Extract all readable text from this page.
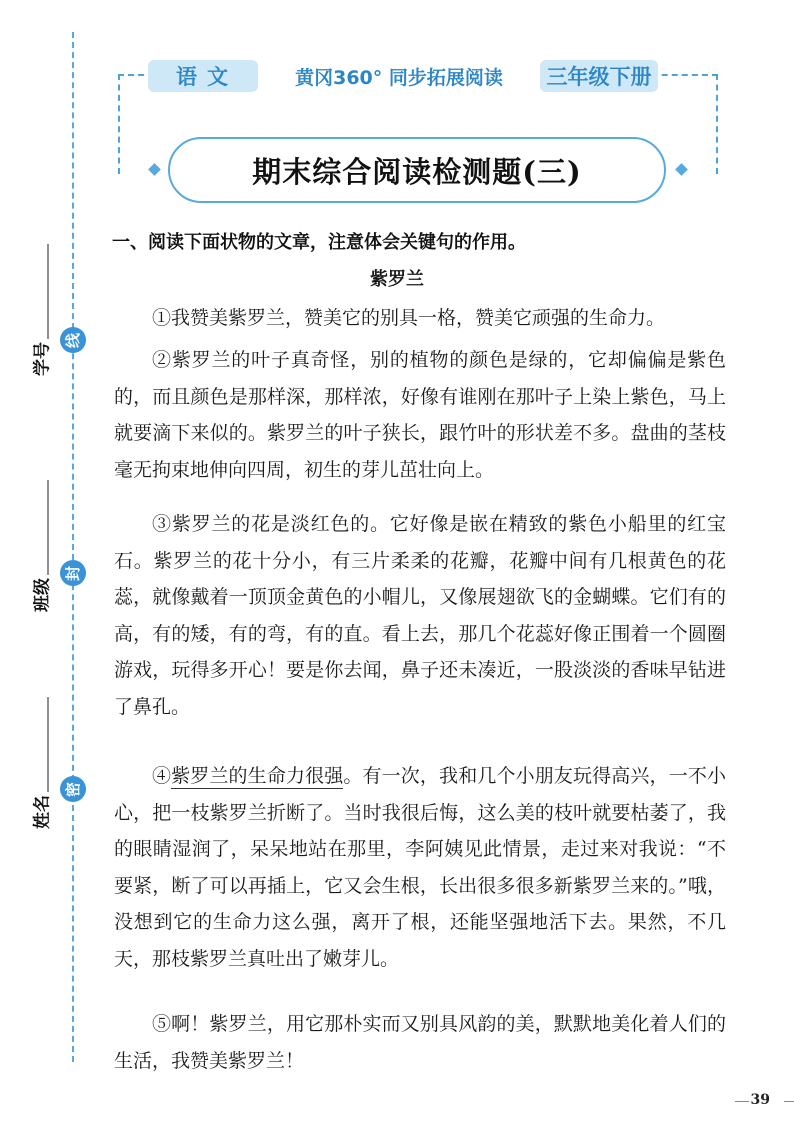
线
封
密
学号
班级
姓名
语文	黄冈360° 同步拓展阅读	三年级下册
期末综合阅读检测题(三)

一、阅读下面状物的文章，注意体会关键句的作用。

紫罗兰

①我赞美紫罗兰，赞美它的别具一格，赞美它顽强的生命力。

②紫罗兰的叶子真奇怪，别的植物的颜色是绿的，它却偏偏是紫色的，而且颜色是那样深，那样浓，好像有谁刚在那叶子上染上紫色，马上就要滴下来似的。紫罗兰的叶子狭长，跟竹叶的形状差不多。盘曲的茎枝毫无拘束地伸向四周，初生的芽儿茁壮向上。

③紫罗兰的花是淡红色的。它好像是嵌在精致的紫色小船里的红宝石。紫罗兰的花十分小，有三片柔柔的花瓣，花瓣中间有几根黄色的花蕊，就像戴着一顶顶金黄色的小帽儿，又像展翅欲飞的金蝴蝶。它们有的高，有的矮，有的弯，有的直。看上去，那几个花蕊好像正围着一个圆圈游戏，玩得多开心！要是你去闻，鼻子还未凑近，一股淡淡的香味早钻进了鼻孔。

④紫罗兰的生命力很强。有一次，我和几个小朋友玩得高兴，一不小心，把一枝紫罗兰折断了。当时我很后悔，这么美的枝叶就要枯萎了，我的眼睛湿润了，呆呆地站在那里，李阿姨见此情景，走过来对我说：“不要紧，断了可以再插上，它又会生根，长出很多很多新紫罗兰来的。”哦，没想到它的生命力这么强，离开了根，还能坚强地活下去。果然，不几天，那枝紫罗兰真吐出了嫩芽儿。

⑤啊！紫罗兰，用它那朴实而又别具风韵的美，默默地美化着人们的生活，我赞美紫罗兰！

39
